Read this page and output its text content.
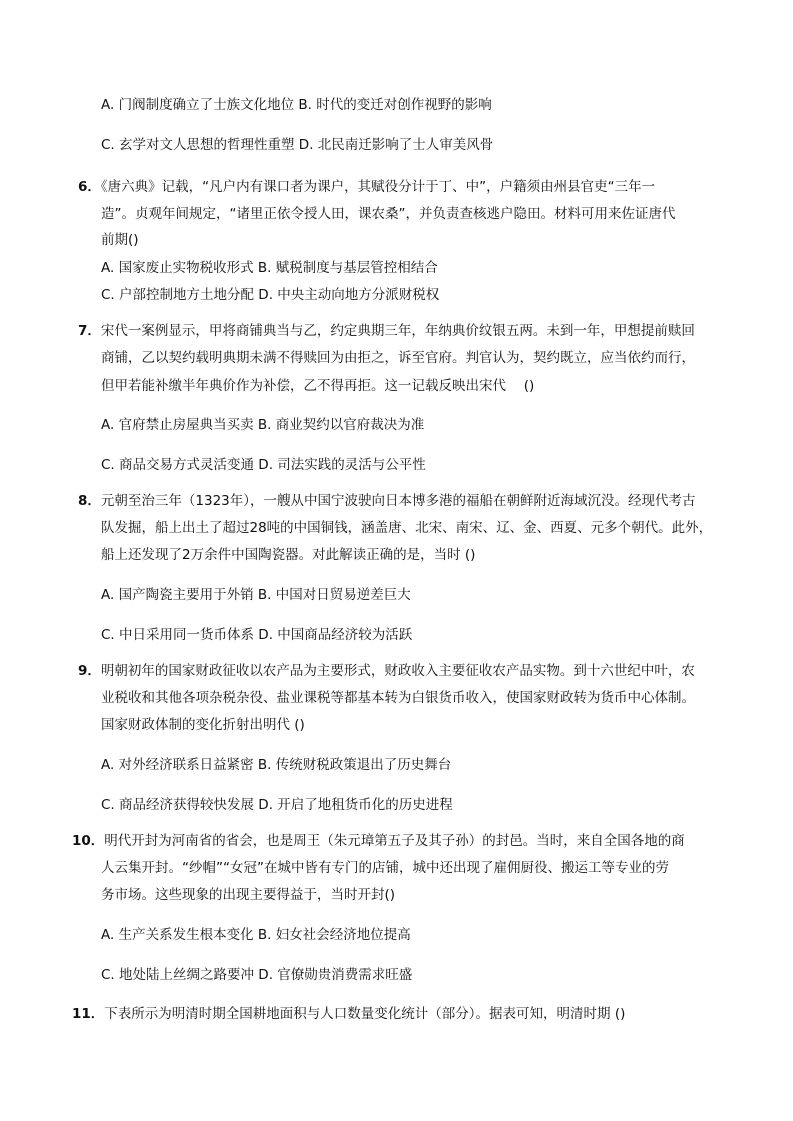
A. 门阀制度确立了士族文化地位 B. 时代的变迁对创作视野的影响
C. 玄学对文人思想的哲理性重塑 D. 北民南迁影响了士人审美风骨
6．《唐六典》记载，“凡户内有课口者为课户，其赋役分计于丁、中”，户籍须由州县官吏“三年一
造”。贞观年间规定，“诸里正依令授人田，课农桑”，并负责查核逃户隐田。材料可用来佐证唐代
前期()
A. 国家废止实物税收形式 B. 赋税制度与基层管控相结合
C. 户部控制地方土地分配 D. 中央主动向地方分派财税权
7．宋代一案例显示，甲将商铺典当与乙，约定典期三年，年纳典价纹银五两。未到一年，甲想提前赎回
商铺，乙以契约载明典期未满不得赎回为由拒之，诉至官府。判官认为，契约既立，应当依约而行，
但甲若能补缴半年典价作为补偿，乙不得再拒。这一记载反映出宋代　 ()
A. 官府禁止房屋典当买卖 B. 商业契约以官府裁决为准
C. 商品交易方式灵活变通 D. 司法实践的灵活与公平性
8．元朝至治三年（1323年），一艘从中国宁波驶向日本博多港的福船在朝鲜附近海域沉没。经现代考古
队发掘，船上出土了超过28吨的中国铜钱，涵盖唐、北宋、南宋、辽、金、西夏、元多个朝代。此外，
船上还发现了2万余件中国陶瓷器。对此解读正确的是，当时 ()
A. 国产陶瓷主要用于外销 B. 中国对日贸易逆差巨大
C. 中日采用同一货币体系 D. 中国商品经济较为活跃
9．明朝初年的国家财政征收以农产品为主要形式，财政收入主要征收农产品实物。到十六世纪中叶，农
业税收和其他各项杂税杂役、盐业课税等都基本转为白银货币收入，使国家财政转为货币中心体制。
国家财政体制的变化折射出明代 ()
A. 对外经济联系日益紧密 B. 传统财税政策退出了历史舞台
C. 商品经济获得较快发展 D. 开启了地租货币化的历史进程
10．明代开封为河南省的省会，也是周王（朱元璋第五子及其子孙）的封邑。当时，来自全国各地的商
人云集开封。“纱帽”“女冠”在城中皆有专门的店铺，城中还出现了雇佣厨役、搬运工等专业的劳
务市场。这些现象的出现主要得益于，当时开封()
A. 生产关系发生根本变化 B. 妇女社会经济地位提高
C. 地处陆上丝绸之路要冲 D. 官僚勋贵消费需求旺盛
11．下表所示为明清时期全国耕地面积与人口数量变化统计（部分）。据表可知，明清时期 ()
